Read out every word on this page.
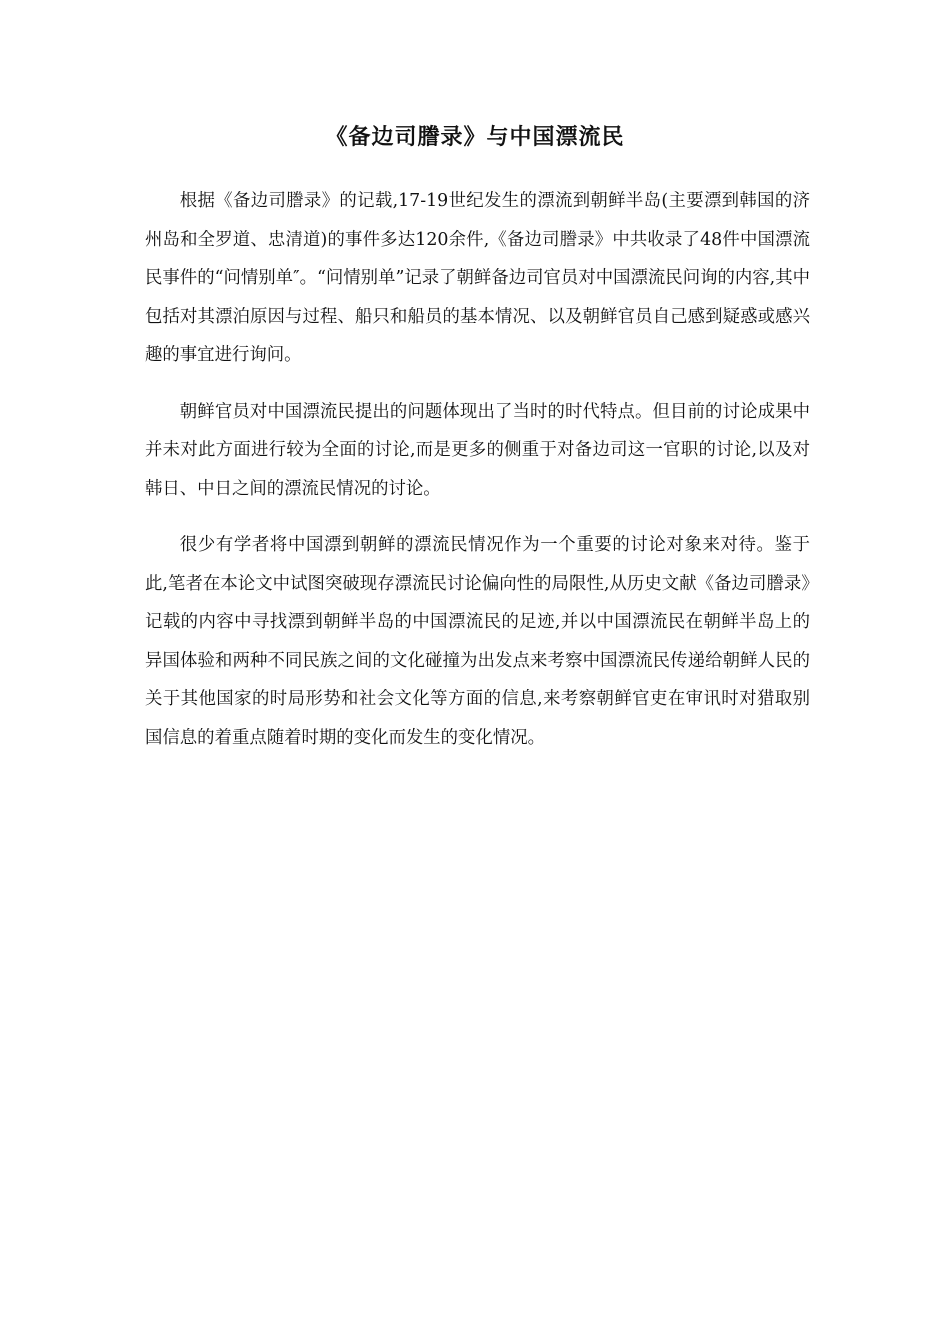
《备边司謄录》与中国漂流民

根据《备边司謄录》的记载,17-19世纪发生的漂流到朝鲜半岛(主要漂到韩国的济州岛和全罗道、忠清道)的事件多达120余件,《备边司謄录》中共收录了48件中国漂流民事件的“问情别单″。“问情别单”记录了朝鲜备边司官员对中国漂流民问询的内容,其中包括对其漂泊原因与过程、船只和船员的基本情况、以及朝鲜官员自己感到疑惑或感兴趣的事宜进行询问。

朝鲜官员对中国漂流民提出的问题体现出了当时的时代特点。但目前的讨论成果中并未对此方面进行较为全面的讨论,而是更多的侧重于对备边司这一官职的讨论,以及对韩日、中日之间的漂流民情况的讨论。

很少有学者将中国漂到朝鲜的漂流民情况作为一个重要的讨论对象来对待。鉴于此,笔者在本论文中试图突破现存漂流民讨论偏向性的局限性,从历史文献《备边司謄录》记载的内容中寻找漂到朝鲜半岛的中国漂流民的足迹,并以中国漂流民在朝鲜半岛上的异国体验和两种不同民族之间的文化碰撞为出发点来考察中国漂流民传递给朝鲜人民的关于其他国家的时局形势和社会文化等方面的信息,来考察朝鲜官吏在审讯时对猎取别国信息的着重点随着时期的变化而发生的变化情况。
